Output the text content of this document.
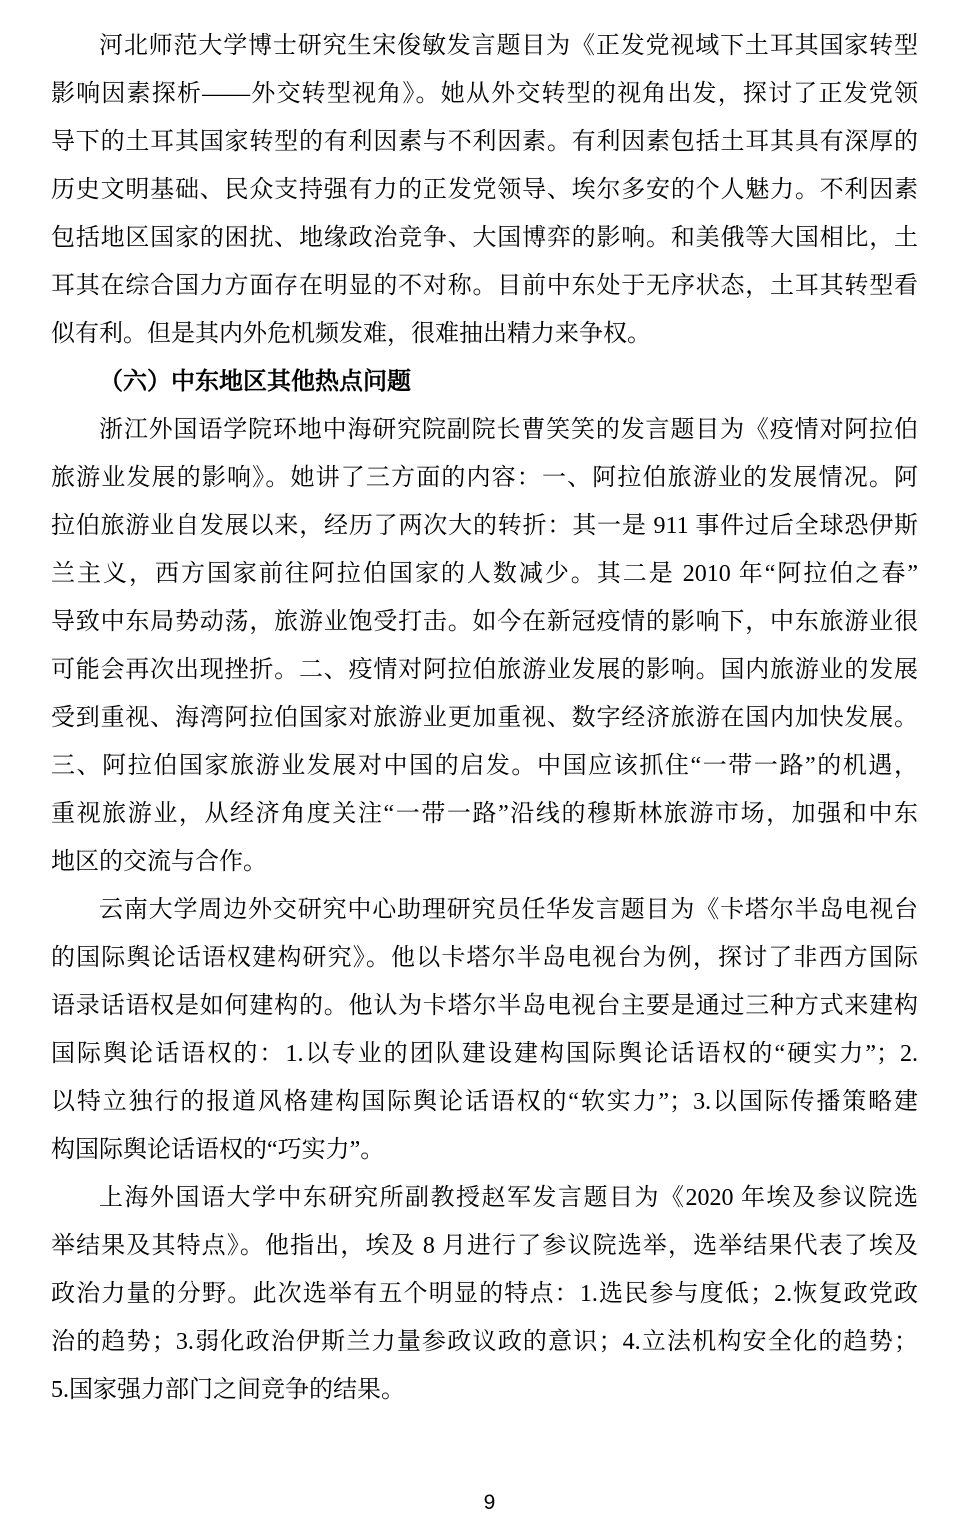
河北师范大学博士研究生宋俊敏发言题目为《正发党视域下土耳其国家转型
影响因素探析——外交转型视角》。她从外交转型的视角出发，探讨了正发党领
导下的土耳其国家转型的有利因素与不利因素。有利因素包括土耳其具有深厚的
历史文明基础、民众支持强有力的正发党领导、埃尔多安的个人魅力。不利因素
包括地区国家的困扰、地缘政治竞争、大国博弈的影响。和美俄等大国相比，土
耳其在综合国力方面存在明显的不对称。目前中东处于无序状态，土耳其转型看
似有利。但是其内外危机频发难，很难抽出精力来争权。
（六）中东地区其他热点问题
浙江外国语学院环地中海研究院副院长曹笑笑的发言题目为《疫情对阿拉伯
旅游业发展的影响》。她讲了三方面的内容：一、阿拉伯旅游业的发展情况。阿
拉伯旅游业自发展以来，经历了两次大的转折：其一是 911 事件过后全球恐伊斯
兰主义，西方国家前往阿拉伯国家的人数减少。其二是 2010 年“阿拉伯之春”
导致中东局势动荡，旅游业饱受打击。如今在新冠疫情的影响下，中东旅游业很
可能会再次出现挫折。二、疫情对阿拉伯旅游业发展的影响。国内旅游业的发展
受到重视、海湾阿拉伯国家对旅游业更加重视、数字经济旅游在国内加快发展。
三、阿拉伯国家旅游业发展对中国的启发。中国应该抓住“一带一路”的机遇，
重视旅游业，从经济角度关注“一带一路”沿线的穆斯林旅游市场，加强和中东
地区的交流与合作。
云南大学周边外交研究中心助理研究员任华发言题目为《卡塔尔半岛电视台
的国际舆论话语权建构研究》。他以卡塔尔半岛电视台为例，探讨了非西方国际
语录话语权是如何建构的。他认为卡塔尔半岛电视台主要是通过三种方式来建构
国际舆论话语权的：1.以专业的团队建设建构国际舆论话语权的“硬实力”；2.
以特立独行的报道风格建构国际舆论话语权的“软实力”；3.以国际传播策略建
构国际舆论话语权的“巧实力”。
上海外国语大学中东研究所副教授赵军发言题目为《2020 年埃及参议院选
举结果及其特点》。他指出，埃及 8 月进行了参议院选举，选举结果代表了埃及
政治力量的分野。此次选举有五个明显的特点：1.选民参与度低；2.恢复政党政
治的趋势；3.弱化政治伊斯兰力量参政议政的意识；4.立法机构安全化的趋势；
5.国家强力部门之间竞争的结果。
9
